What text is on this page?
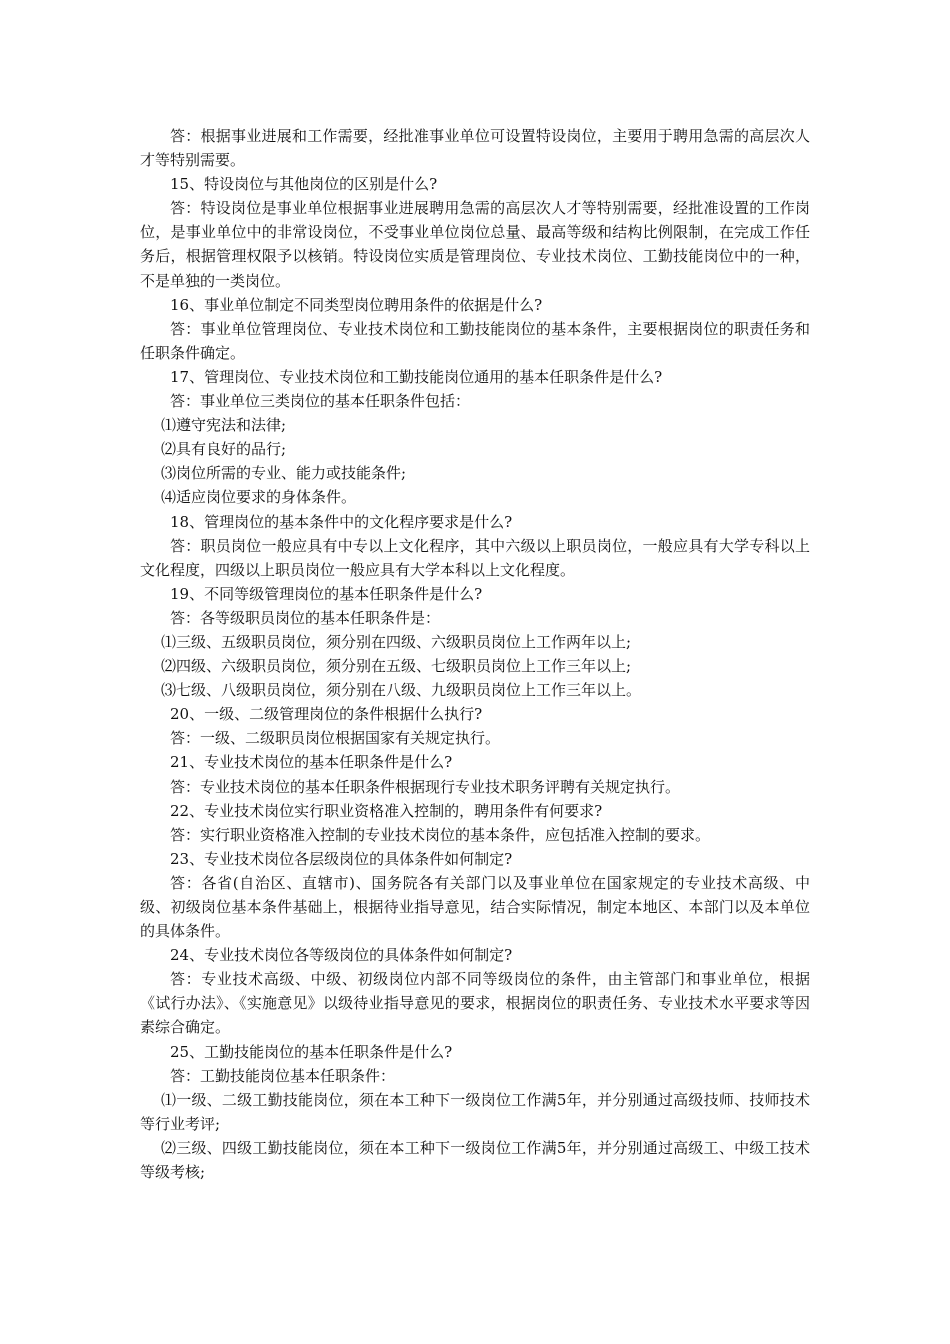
答：根据事业进展和工作需要，经批准事业单位可设置特设岗位，主要用于聘用急需的高层次人才等特别需要。

15、特设岗位与其他岗位的区别是什么?

答：特设岗位是事业单位根据事业进展聘用急需的高层次人才等特别需要，经批准设置的工作岗位，是事业单位中的非常设岗位，不受事业单位岗位总量、最高等级和结构比例限制，在完成工作任务后，根据管理权限予以核销。特设岗位实质是管理岗位、专业技术岗位、工勤技能岗位中的一种，不是单独的一类岗位。

16、事业单位制定不同类型岗位聘用条件的依据是什么?

答：事业单位管理岗位、专业技术岗位和工勤技能岗位的基本条件，主要根据岗位的职责任务和任职条件确定。

17、管理岗位、专业技术岗位和工勤技能岗位通用的基本任职条件是什么?

答：事业单位三类岗位的基本任职条件包括：

⑴遵守宪法和法律;

⑵具有良好的品行;

⑶岗位所需的专业、能力或技能条件;

⑷适应岗位要求的身体条件。

18、管理岗位的基本条件中的文化程序要求是什么?

答：职员岗位一般应具有中专以上文化程序，其中六级以上职员岗位，一般应具有大学专科以上文化程度，四级以上职员岗位一般应具有大学本科以上文化程度。

19、不同等级管理岗位的基本任职条件是什么?

答：各等级职员岗位的基本任职条件是：

⑴三级、五级职员岗位，须分别在四级、六级职员岗位上工作两年以上;

⑵四级、六级职员岗位，须分别在五级、七级职员岗位上工作三年以上;

⑶七级、八级职员岗位，须分别在八级、九级职员岗位上工作三年以上。

20、一级、二级管理岗位的条件根据什么执行?

答：一级、二级职员岗位根据国家有关规定执行。

21、专业技术岗位的基本任职条件是什么?

答：专业技术岗位的基本任职条件根据现行专业技术职务评聘有关规定执行。

22、专业技术岗位实行职业资格准入控制的，聘用条件有何要求?

答：实行职业资格准入控制的专业技术岗位的基本条件，应包括准入控制的要求。

23、专业技术岗位各层级岗位的具体条件如何制定?

答：各省(自治区、直辖市)、国务院各有关部门以及事业单位在国家规定的专业技术高级、中级、初级岗位基本条件基础上，根据待业指导意见，结合实际情况，制定本地区、本部门以及本单位的具体条件。

24、专业技术岗位各等级岗位的具体条件如何制定?

答：专业技术高级、中级、初级岗位内部不同等级岗位的条件，由主管部门和事业单位，根据《试行办法》、《实施意见》以级待业指导意见的要求，根据岗位的职责任务、专业技术水平要求等因素综合确定。

25、工勤技能岗位的基本任职条件是什么?

答：工勤技能岗位基本任职条件：

⑴一级、二级工勤技能岗位，须在本工种下一级岗位工作满5年，并分别通过高级技师、技师技术等行业考评;

⑵三级、四级工勤技能岗位，须在本工种下一级岗位工作满5年，并分别通过高级工、中级工技术等级考核;
